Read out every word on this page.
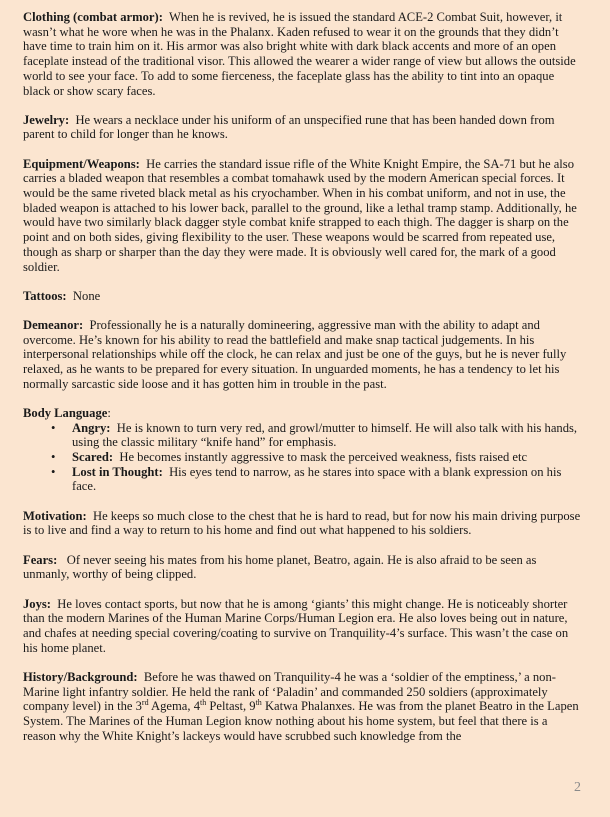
Clothing (combat armor): When he is revived, he is issued the standard ACE-2 Combat Suit, however, it wasn’t what he wore when he was in the Phalanx. Kaden refused to wear it on the grounds that they didn’t have time to train him on it. His armor was also bright white with dark black accents and more of an open faceplate instead of the traditional visor. This allowed the wearer a wider range of view but allows the outside world to see your face. To add to some fierceness, the faceplate glass has the ability to tint into an opaque black or show scary faces.

Jewelry: He wears a necklace under his uniform of an unspecified rune that has been handed down from parent to child for longer than he knows.

Equipment/Weapons: He carries the standard issue rifle of the White Knight Empire, the SA-71 but he also carries a bladed weapon that resembles a combat tomahawk used by the modern American special forces. It would be the same riveted black metal as his cryochamber. When in his combat uniform, and not in use, the bladed weapon is attached to his lower back, parallel to the ground, like a lethal tramp stamp. Additionally, he would have two similarly black dagger style combat knife strapped to each thigh. The dagger is sharp on the point and on both sides, giving flexibility to the user. These weapons would be scarred from repeated use, though as sharp or sharper than the day they were made. It is obviously well cared for, the mark of a good soldier.

Tattoos: None

Demeanor: Professionally he is a naturally domineering, aggressive man with the ability to adapt and overcome. He’s known for his ability to read the battlefield and make snap tactical judgements. In his interpersonal relationships while off the clock, he can relax and just be one of the guys, but he is never fully relaxed, as he wants to be prepared for every situation. In unguarded moments, he has a tendency to let his normally sarcastic side loose and it has gotten him in trouble in the past.

Body Language:

• Angry: He is known to turn very red, and growl/mutter to himself. He will also talk with his hands, using the classic military “knife hand” for emphasis.
• Scared: He becomes instantly aggressive to mask the perceived weakness, fists raised etc
• Lost in Thought: His eyes tend to narrow, as he stares into space with a blank expression on his face.

Motivation: He keeps so much close to the chest that he is hard to read, but for now his main driving purpose is to live and find a way to return to his home and find out what happened to his soldiers.

Fears: Of never seeing his mates from his home planet, Beatro, again. He is also afraid to be seen as unmanly, worthy of being clipped.

Joys: He loves contact sports, but now that he is among ‘giants’ this might change. He is noticeably shorter than the modern Marines of the Human Marine Corps/Human Legion era. He also loves being out in nature, and chafes at needing special covering/coating to survive on Tranquility-4’s surface. This wasn’t the case on his home planet.

History/Background: Before he was thawed on Tranquility-4 he was a ‘soldier of the emptiness,’ a non-Marine light infantry soldier. He held the rank of ‘Paladin’ and commanded 250 soldiers (approximately company level) in the 3rd Agema, 4th Peltast, 9th Katwa Phalanxes. He was from the planet Beatro in the Lapen System. The Marines of the Human Legion know nothing about his home system, but feel that there is a reason why the White Knight’s lackeys would have scrubbed such knowledge from the

2
